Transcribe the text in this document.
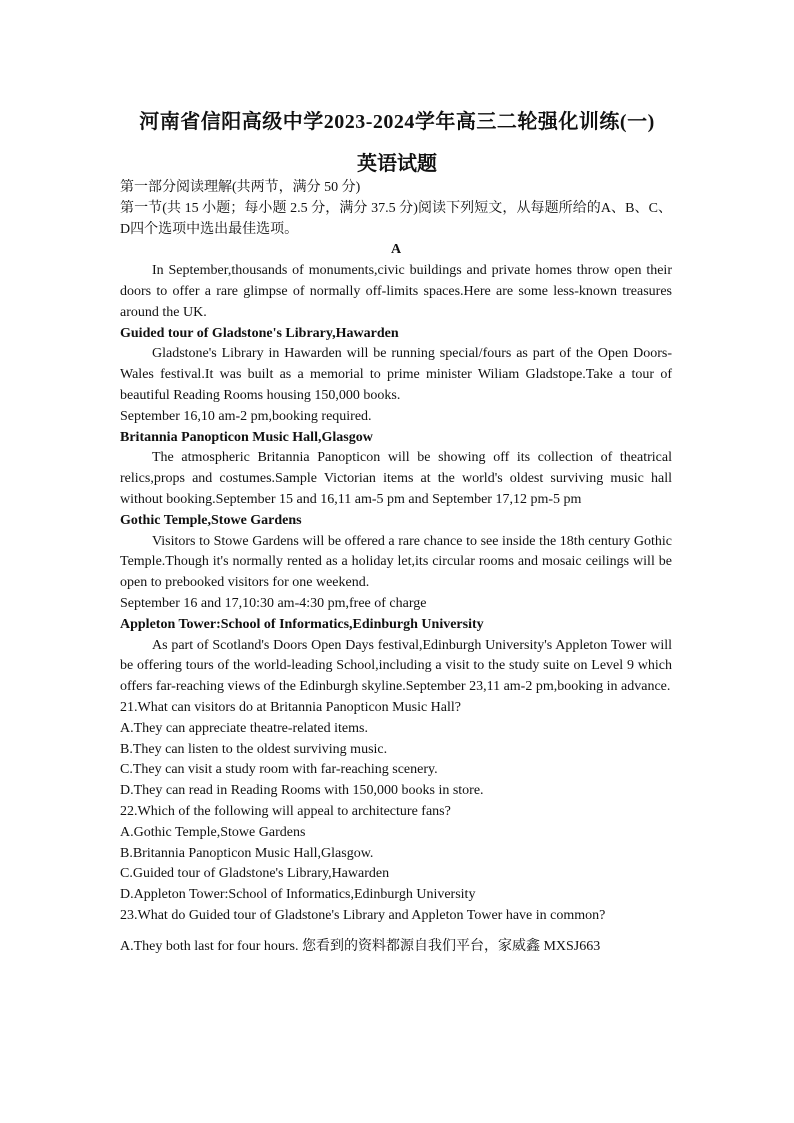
河南省信阳高级中学2023-2024学年高三二轮强化训练(一)
英语试题

第一部分阅读理解(共两节，满分 50 分)

第一节(共 15 小题；每小题 2.5 分，满分 37.5 分)阅读下列短文，从每题所给的A、B、C、D四个选项中选出最佳选项。

A

In September,thousands of monuments,civic buildings and private homes throw open their doors to offer a rare glimpse of normally off-limits spaces.Here are some less-known treasures around the UK.

Guided tour of Gladstone's Library,Hawarden

Gladstone's Library in Hawarden will be running special/fours as part of the Open Doors-Wales festival.It was built as a memorial to prime minister Wiliam Gladstope.Take a tour of beautiful Reading Rooms housing 150,000 books.

September 16,10 am-2 pm,booking required.

Britannia Panopticon Music Hall,Glasgow

The atmospheric Britannia Panopticon will be showing off its collection of theatrical relics,props and costumes.Sample Victorian items at the world's oldest surviving music hall without booking.September 15 and 16,11 am-5 pm and September 17,12 pm-5 pm

Gothic Temple,Stowe Gardens

Visitors to Stowe Gardens will be offered a rare chance to see inside the 18th century Gothic Temple.Though it's normally rented as a holiday let,its circular rooms and mosaic ceilings will be open to prebooked visitors for one weekend.

September 16 and 17,10:30 am-4:30 pm,free of charge

Appleton Tower:School of Informatics,Edinburgh University

As part of Scotland's Doors Open Days festival,Edinburgh University's Appleton Tower will be offering tours of the world-leading School,including a visit to the study suite on Level 9 which offers far-reaching views of the Edinburgh skyline.September 23,11 am-2 pm,booking in advance.

21.What can visitors do at Britannia Panopticon Music Hall?

A.They can appreciate theatre-related items.

B.They can listen to the oldest surviving music.

C.They can visit a study room with far-reaching scenery.

D.They can read in Reading Rooms with 150,000 books in store.

22.Which of the following will appeal to architecture fans?

A.Gothic Temple,Stowe Gardens

B.Britannia Panopticon Music Hall,Glasgow.

C.Guided tour of Gladstone's Library,Hawarden

D.Appleton Tower:School of Informatics,Edinburgh University

23.What do Guided tour of Gladstone's Library and Appleton Tower have in common?

A.They both last for four hours. 您看到的资料都源自我们平台，家威鑫 MXSJ663
